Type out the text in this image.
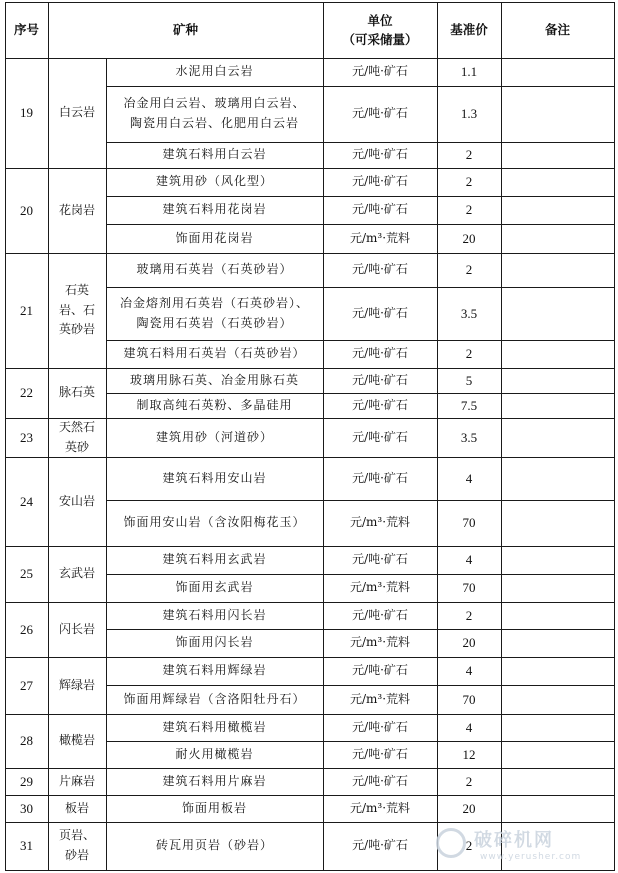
序号	矿种
单位
（可采储量）
基准价	备注
19 白云岩
水泥用白云岩	元/吨·矿石	1.1
冶金用白云岩、玻璃用白云岩、
陶瓷用白云岩、化肥用白云岩
元/吨·矿石	1.3
建筑石料用白云岩	元/吨·矿石	2
20 花岗岩
建筑用砂（风化型）	元/吨·矿石	2
建筑石料用花岗岩	元/吨·矿石	2
饰面用花岗岩	元/m³·荒料	20
21
石英
岩、石
英砂岩
玻璃用石英岩（石英砂岩）	元/吨·矿石	2
冶金熔剂用石英岩（石英砂岩）、
陶瓷用石英岩（石英砂岩）
元/吨·矿石	3.5
建筑石料用石英岩（石英砂岩）	元/吨·矿石	2
22 脉石英
玻璃用脉石英、冶金用脉石英	元/吨·矿石	5
制取高纯石英粉、多晶硅用	元/吨·矿石	7.5
23
天然石
英砂
建筑用砂（河道砂）	元/吨·矿石	3.5
24 安山岩
建筑石料用安山岩	元/吨·矿石	4
饰面用安山岩（含汝阳梅花玉）	元/m³·荒料	70
25 玄武岩
建筑石料用玄武岩	元/吨·矿石	4
饰面用玄武岩	元/m³·荒料	70
26 闪长岩
建筑石料用闪长岩	元/吨·矿石	2
饰面用闪长岩	元/m³·荒料	20
27 辉绿岩
建筑石料用辉绿岩	元/吨·矿石	4
饰面用辉绿岩（含洛阳牡丹石）	元/m³·荒料	70
28 橄榄岩
建筑石料用橄榄岩	元/吨·矿石	4
耐火用橄榄岩	元/吨·矿石	12
29 片麻岩	建筑石料用片麻岩	元/吨·矿石	2
30	板岩	饰面用板岩	元/m³·荒料	20
31
页岩、
砂岩
砖瓦用页岩（砂岩）	元/吨·矿石	2 破碎机网
www.yerusher.com
